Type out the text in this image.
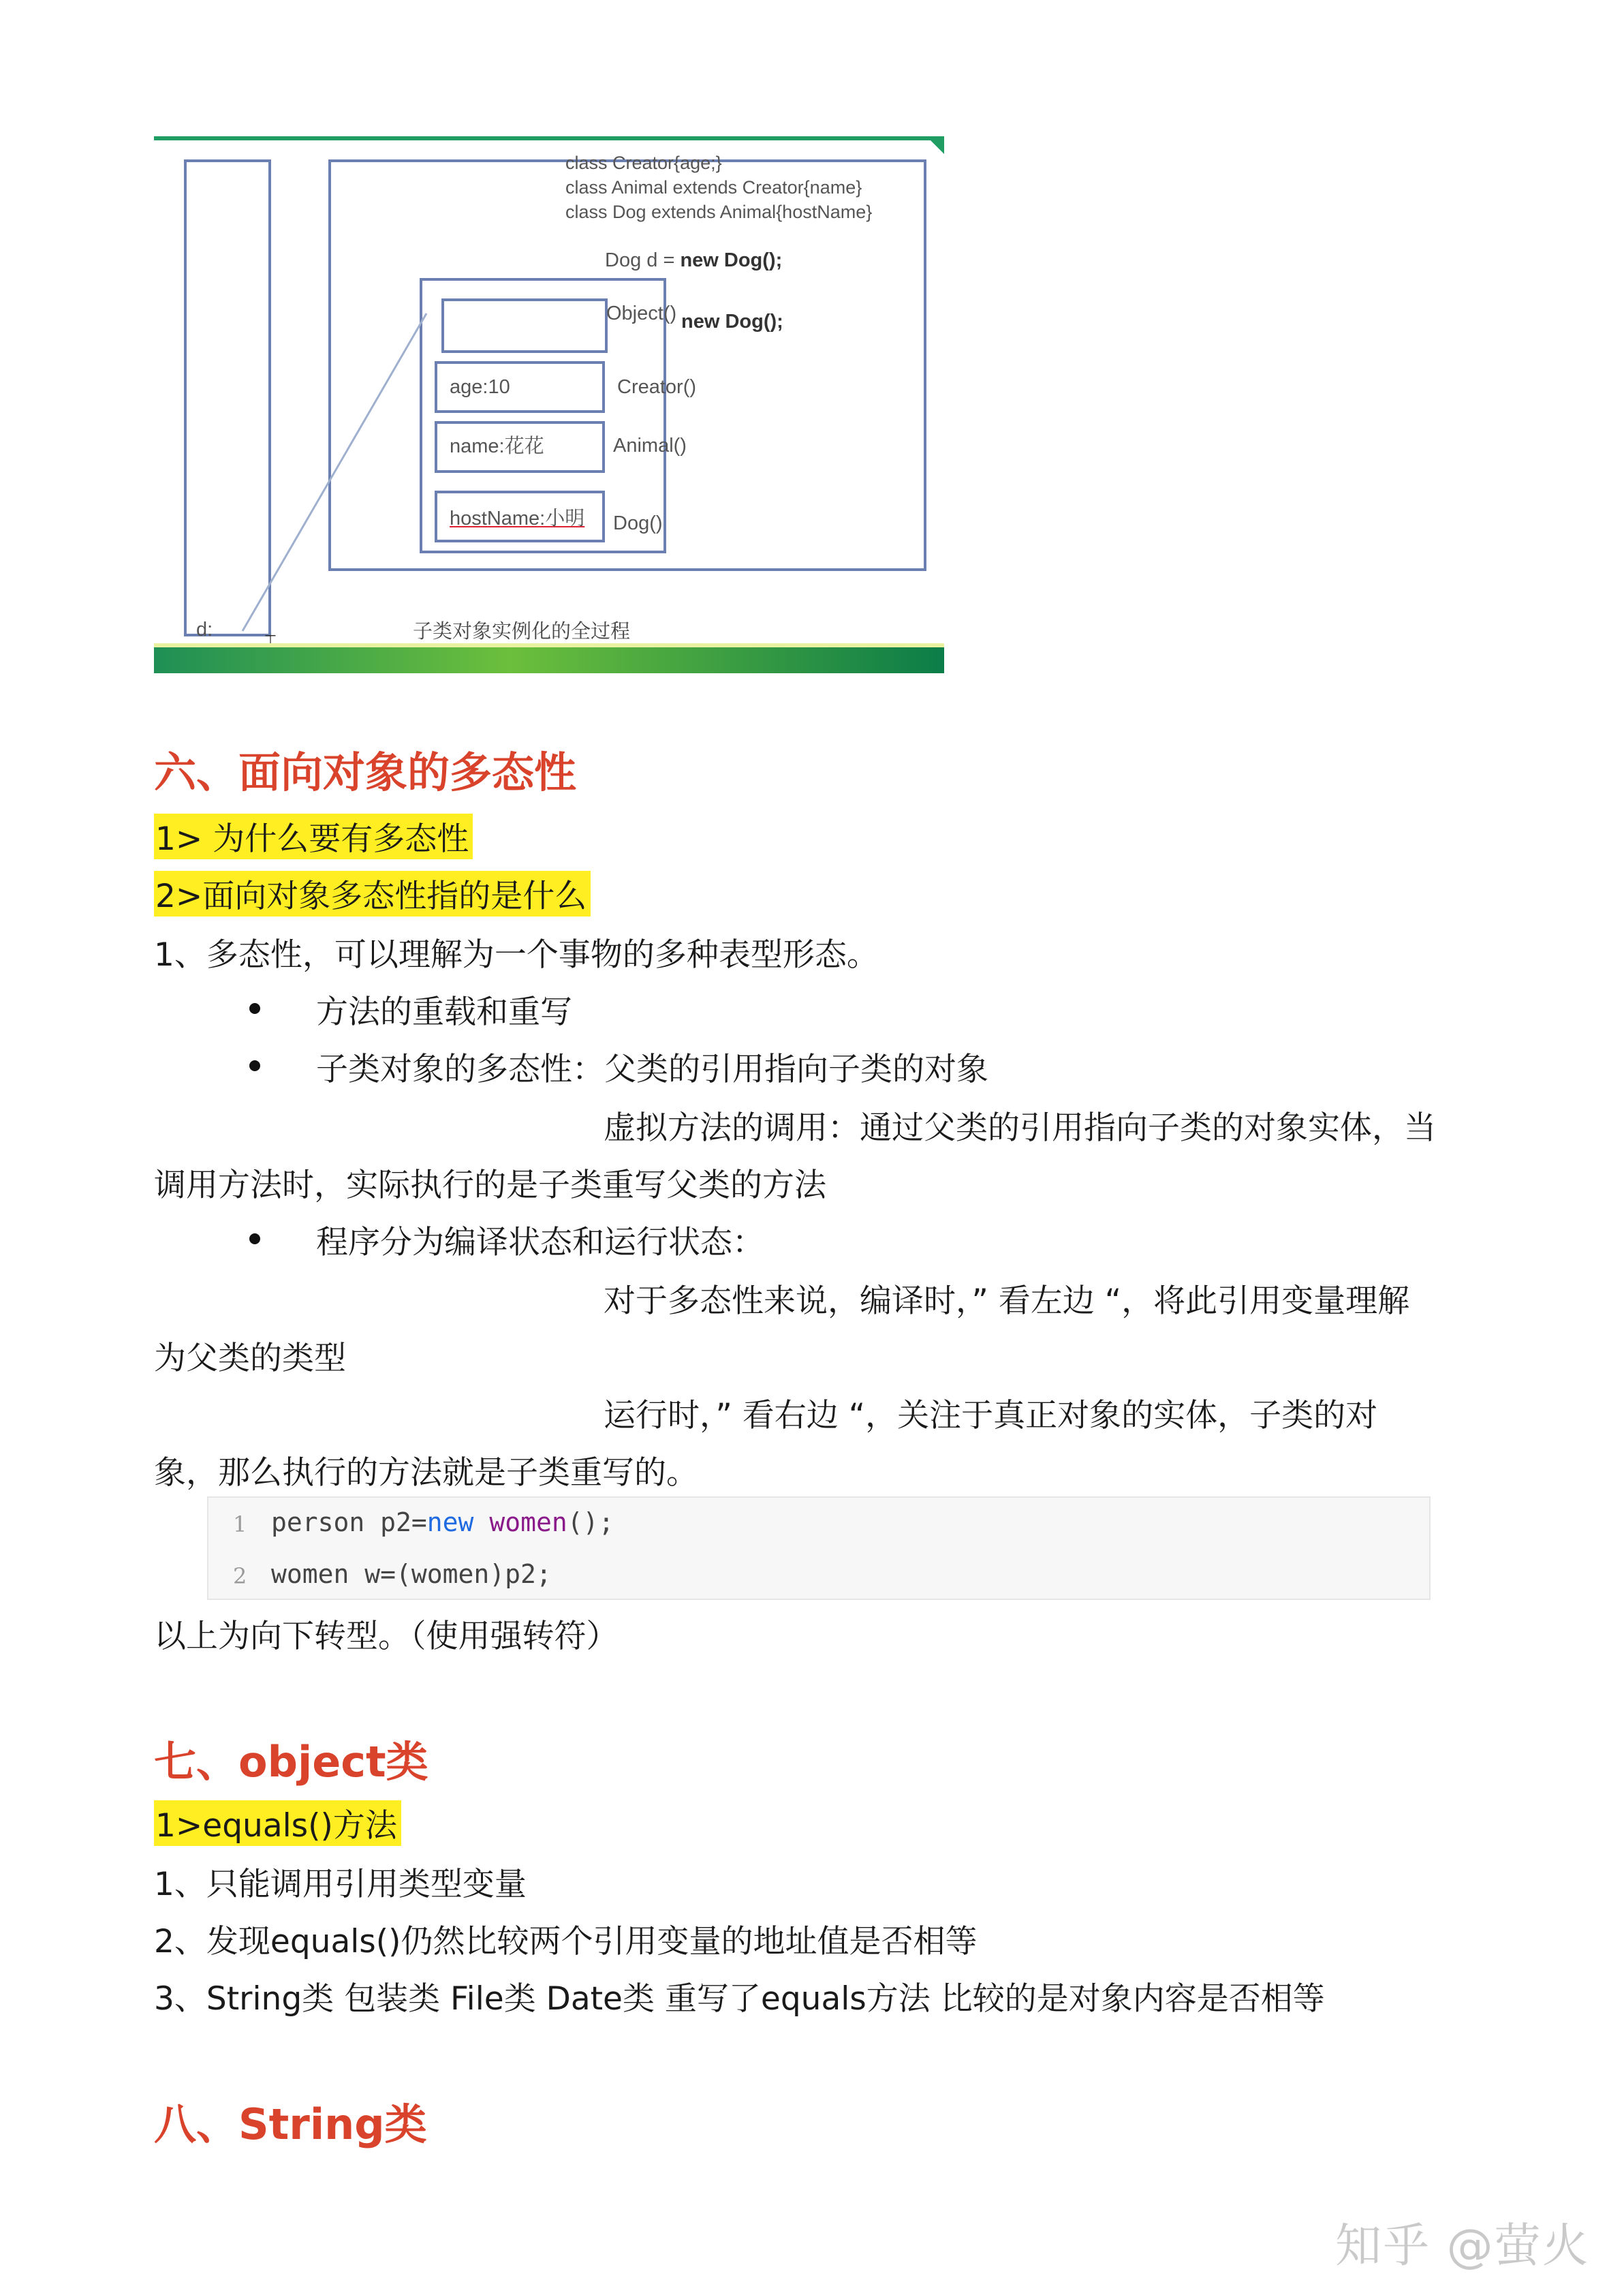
class Creator{age;}
class Animal extends Creator{name}
class Dog extends Animal{hostName}
Dog d = new Dog();
new Dog();
Object()
Creator()
Animal()
Dog()
age:10
name:花花
hostName:小明
d:	子类对象实例化的全过程
六、面向对象的多态性
1> 为什么要有多态性
2>面向对象多态性指的是什么
1、多态性，可以理解为一个事物的多种表型形态。
方法的重载和重写
子类对象的多态性：父类的引用指向子类的对象
虚拟方法的调用：通过父类的引用指向子类的对象实体，当
调用方法时，实际执行的是子类重写父类的方法
程序分为编译状态和运行状态：
对于多态性来说，编译时，” 看左边 “，将此引用变量理解
为父类的类型
运行时，” 看右边 “，关注于真正对象的实体，子类的对
象，那么执行的方法就是子类重写的。
1 person p2=new women();
2 women w=(women)p2;
以上为向下转型。（使用强转符）
七、object类
1>equals()方法
1、只能调用引用类型变量
2、发现equals()仍然比较两个引用变量的地址值是否相等
3、String类 包装类 File类 Date类 重写了equals方法 比较的是对象内容是否相等
八、String类
知乎 @萤火
